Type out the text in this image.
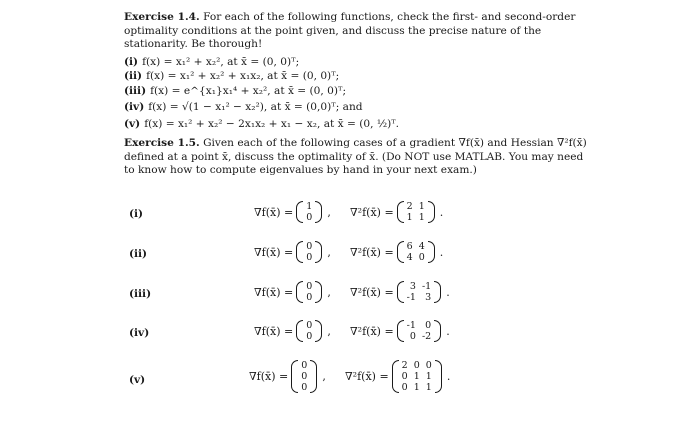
Exercise 1.4. For each of the following functions, check the first- and second-order optimality conditions at the point given, and discuss the precise nature of the stationarity. Be thorough!
(i) f(x) = x₁² + x₂², at x̄ = (0, 0)ᵀ;
(ii) f(x) = x₁² + x₂² + x₁x₂, at x̄ = (0, 0)ᵀ;
(iii) f(x) = e^{x₁}x₁⁴ + x₂², at x̄ = (0, 0)ᵀ;
(iv) f(x) = √(1 − x₁² − x₂²), at x̄ = (0,0)ᵀ; and
(v) f(x) = x₁² + x₂² − 2x₁x₂ + x₁ − x₂, at x̄ = (0, ½)ᵀ.
Exercise 1.5. Given each of the following cases of a gradient ∇f(x̄) and Hessian ∇²f(x̄) defined at a point x̄, discuss the optimality of x̄. (Do NOT use MATLAB. You may need to know how to compute eigenvalues by hand in your next exam.)
(i)	∇f(x̄) = 1
0 , ∇²f(x̄) = 2	1
1	1 .
(ii)	∇f(x̄) = 0
0 , ∇²f(x̄) = 6	4
4	0 .
(iii)	∇f(x̄) = 0
0 , ∇²f(x̄) = 3	-1
-1	3 .
(iv)	∇f(x̄) = 0
0 , ∇²f(x̄) = -1	0
0	-2 .
(v)	∇f(x̄) =
0
0
0
, ∇²f(x̄) =
2	0	0
0	1	1
0	1	1
.
